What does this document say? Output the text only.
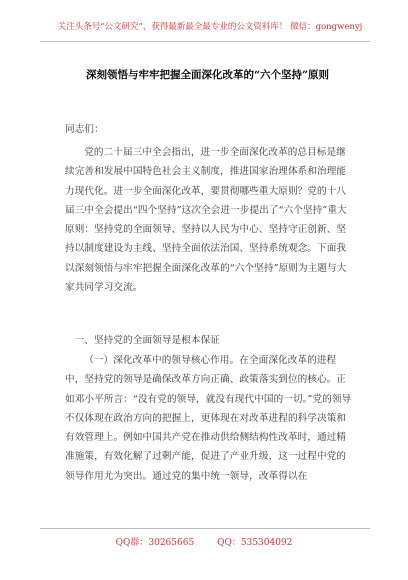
关注头条号“公文研究”，获得最新最全最专业的公文资料库！ 微信：gongwenyj
深刻领悟与牢牢把握全面深化改革的“六个坚持”原则
同志们：
党的二十届三中全会指出，进一步全面深化改革的总目标是继续完善和发展中国特色社会主义制度，推进国家治理体系和治理能力现代化。进一步全面深化改革，要贯彻哪些重大原则？党的十八届三中全会提出“四个坚持”这次全会进一步提出了“六个坚持”重大原则：坚持党的全面领导、坚持以人民为中心、坚持守正创新、坚持以制度建设为主线、坚持全面依法治国、坚持系统观念。下面我以深刻领悟与牢牢把握全面深化改革的“六个坚持”原则为主题与大家共同学习交流。
一、坚持党的全面领导是根本保证
（一）深化改革中的领导核心作用。在全面深化改革的进程中，坚持党的领导是确保改革方向正确、政策落实到位的核心。正如邓小平所言：“没有党的领导，就没有现代中国的一切。”党的领导不仅体现在政治方向的把握上，更体现在对改革进程的科学决策和有效管理上。例如中国共产党在推动供给侧结构性改革时，通过精准施策，有效化解了过剩产能，促进了产业升级，这一过程中党的领导作用尤为突出。通过党的集中统一领导，改革得以在
QQ群：30265665	QQ：535304092
